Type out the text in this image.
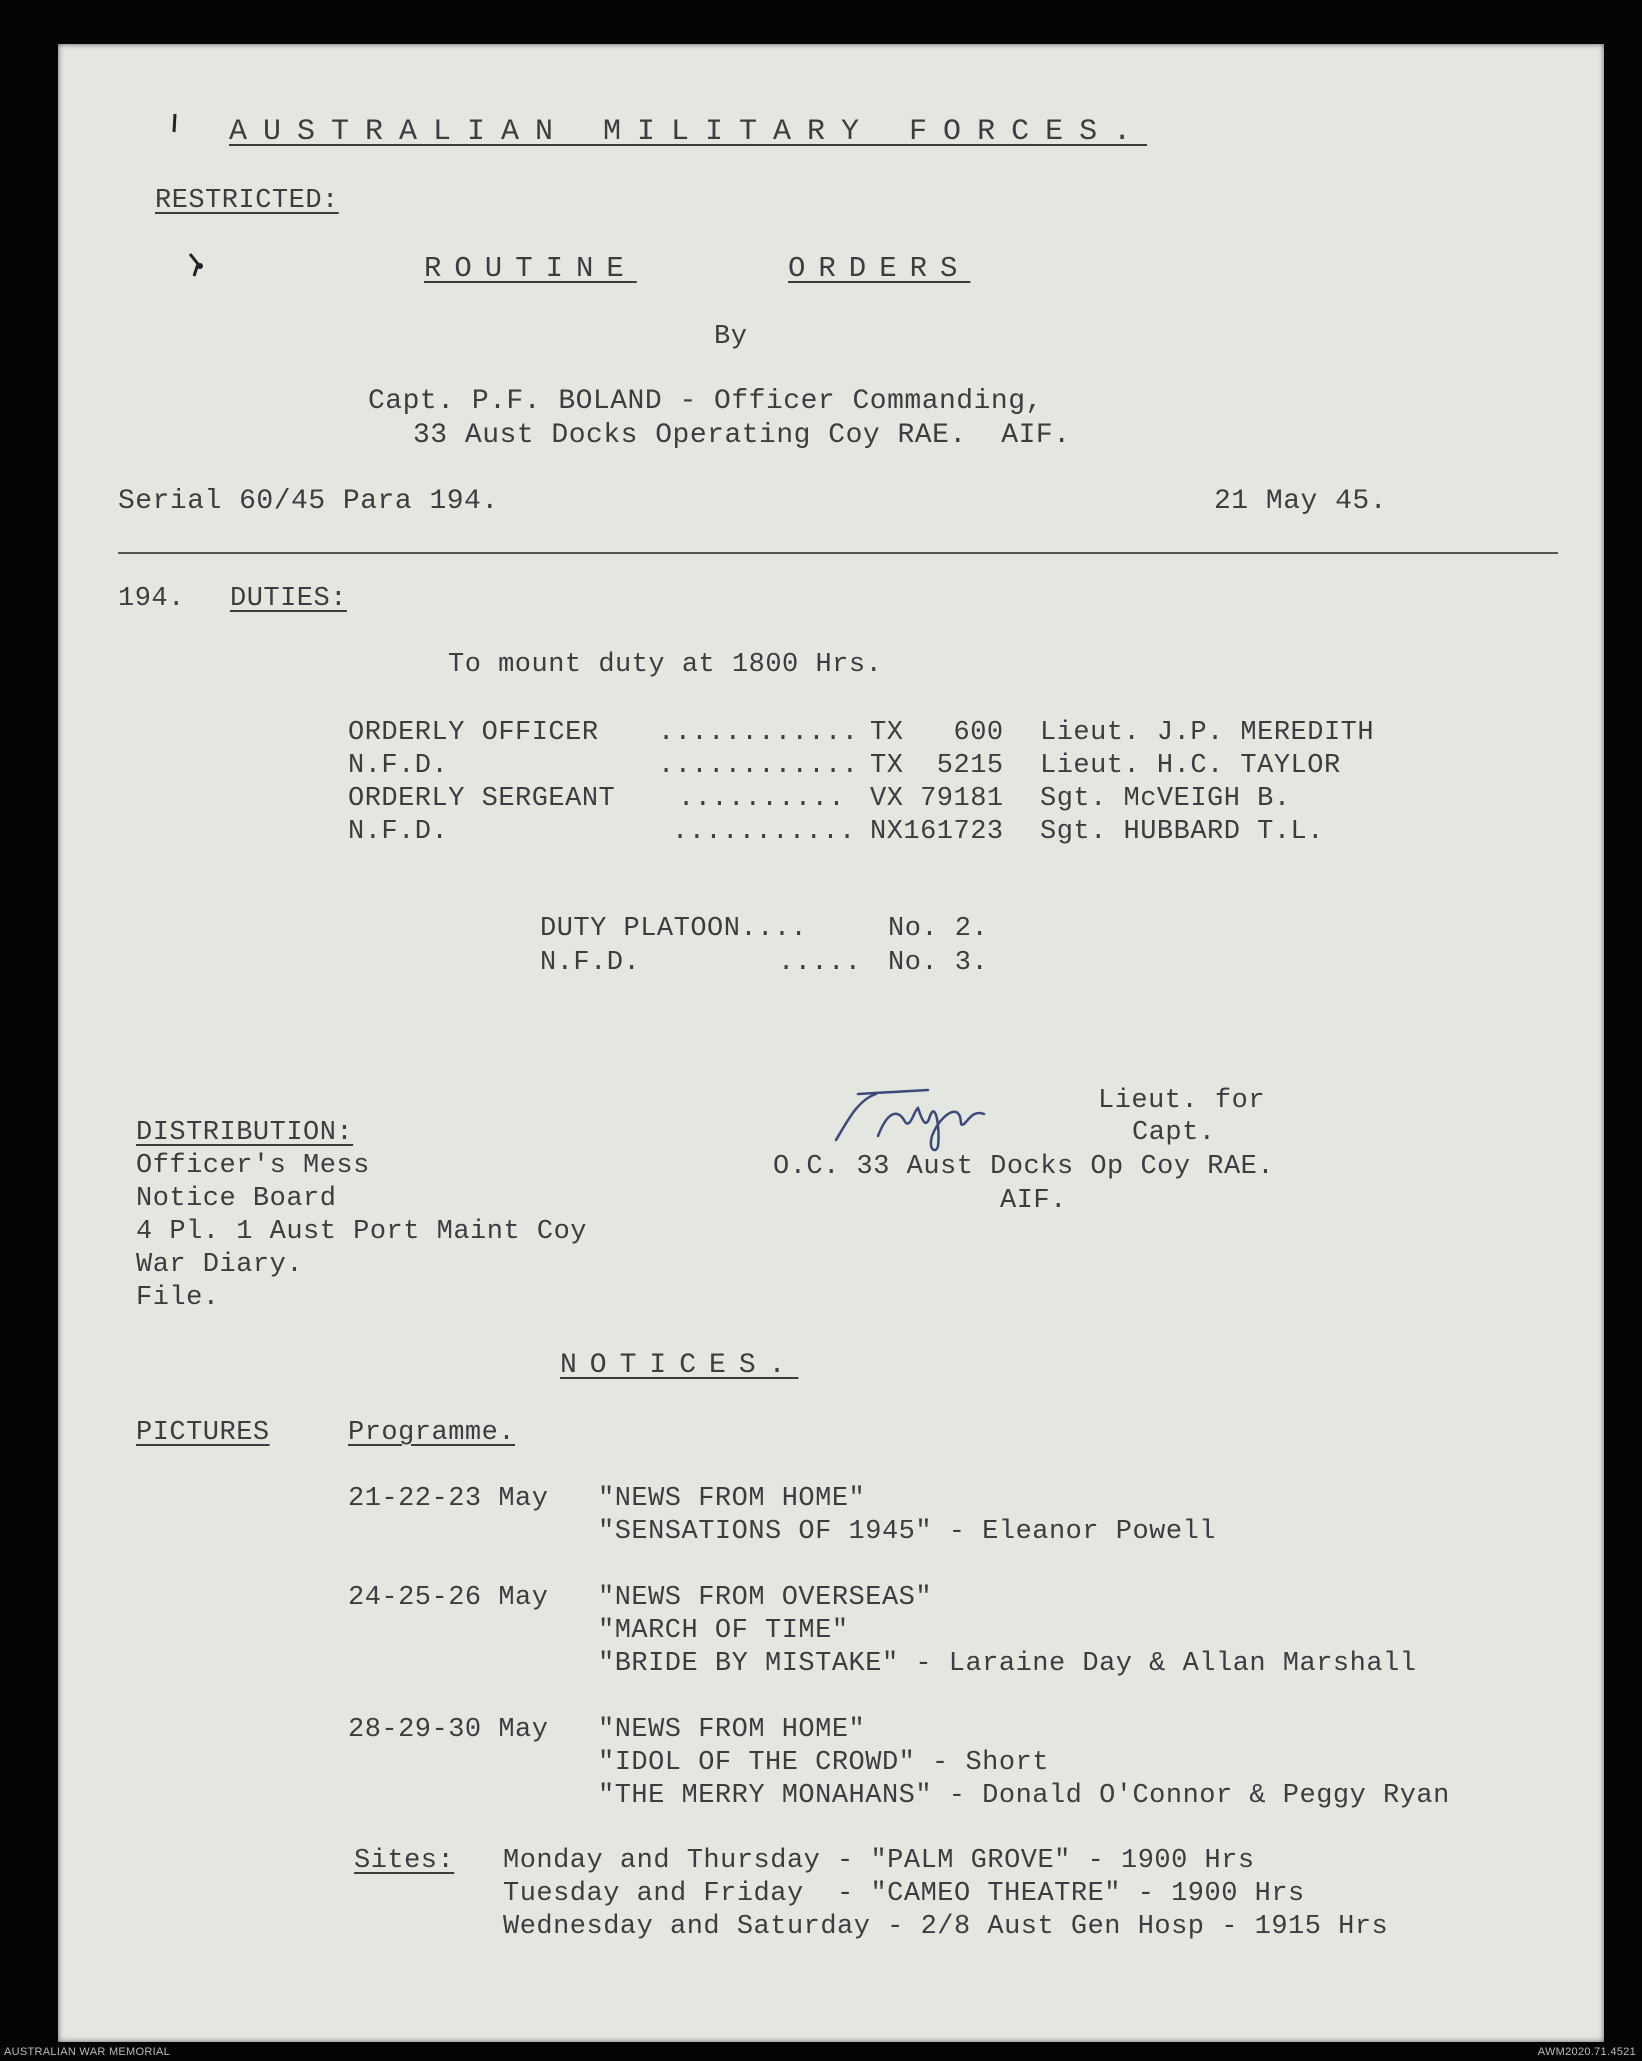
AUSTRALIAN MILITARY FORCES.
RESTRICTED:
ROUTINE	ORDERS
By
Capt. P.F. BOLAND - Officer Commanding,
33 Aust Docks Operating Coy RAE.  AIF.
Serial 60/45 Para 194.	21 May 45.
194. DUTIES:
To mount duty at 1800 Hrs.
ORDERLY OFFICER ............ TX   600 Lieut. J.P. MEREDITH
N.F.D.	............ TX  5215 Lieut. H.C. TAYLOR
ORDERLY SERGEANT .......... VX 79181 Sgt. McVEIGH B.
N.F.D.	........... NX161723 Sgt. HUBBARD T.L.
DUTY PLATOON....	No. 2.
N.F.D.	..... No. 3.
Lieut. for
Capt.
O.C. 33 Aust Docks Op Coy RAE.
AIF.
DISTRIBUTION:
Officer's Mess
Notice Board
4 Pl. 1 Aust Port Maint Coy
War Diary.
File.
NOTICES.
PICTURES	Programme.
21-22-23 May "NEWS FROM HOME"
"SENSATIONS OF 1945" - Eleanor Powell
24-25-26 May "NEWS FROM OVERSEAS"
"MARCH OF TIME"
"BRIDE BY MISTAKE" - Laraine Day & Allan Marshall
28-29-30 May "NEWS FROM HOME"
"IDOL OF THE CROWD" - Short
"THE MERRY MONAHANS" - Donald O'Connor & Peggy Ryan
Sites: Monday and Thursday - "PALM GROVE" - 1900 Hrs
Tuesday and Friday  - "CAMEO THEATRE" - 1900 Hrs
Wednesday and Saturday - 2/8 Aust Gen Hosp - 1915 Hrs
AUSTRALIAN WAR MEMORIAL	AWM2020.71.4521
